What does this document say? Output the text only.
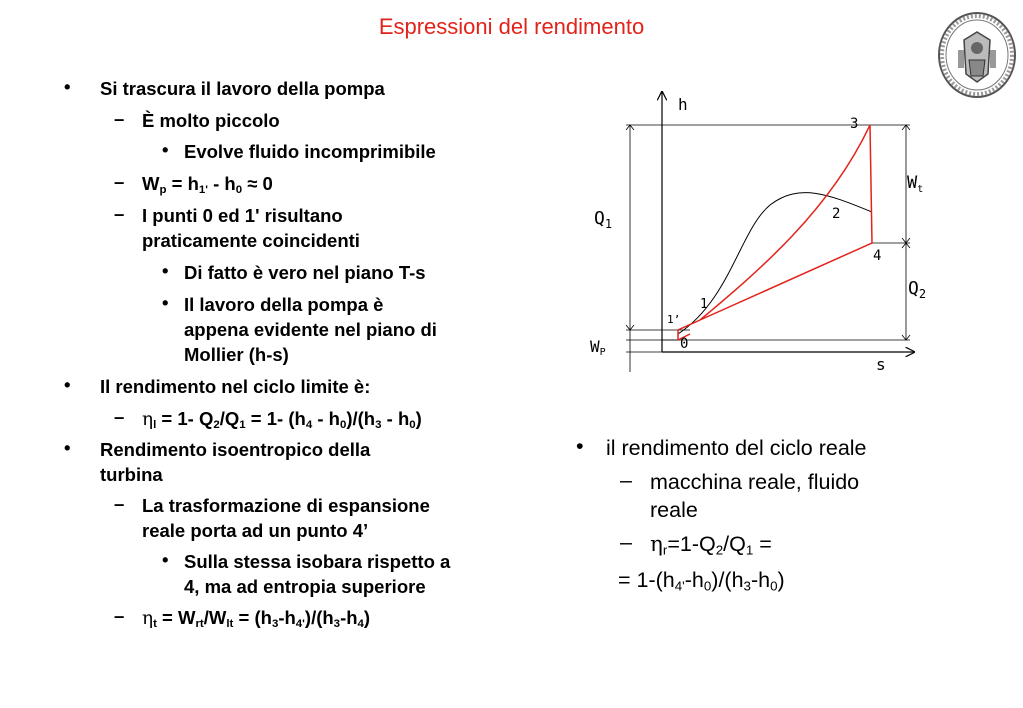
Espressioni del rendimento
• Si trascura il lavoro della pompa
– È molto piccolo
• Evolve fluido incomprimibile
– $W_p = h_{1'} - h_0 \approx 0$
– I punti 0 ed 1' risultano
praticamente coincidenti
• Di fatto è vero nel piano T-s
• Il lavoro della pompa è
appena evidente nel piano di
Mollier (h-s)
• Il rendimento nel ciclo limite è:
– $\eta_l = 1-$ $Q_2/Q_1 = 1-$ $(h_4 - h_0)/(h_3 - h_0)$
• Rendimento isoentropico della
turbina
– La trasformazione di espansione
reale porta ad un punto 4’
• Sulla stessa isobara rispetto a
4, ma ad entropia superiore
– $\eta_t = W_{rt}/W_{lt} = (h_3-h_{4'})/(h_3-h_4)$
• il rendimento del ciclo reale
– macchina reale, fluido
reale
– $\eta_r=1-Q_2/Q_1$ =
= $1-(h_{4'}-h_0)/(h_3-h_0)$
h
s
$Q_1$
$Q_2$
$W_t$
WP
3
2
4
1
1’
0
